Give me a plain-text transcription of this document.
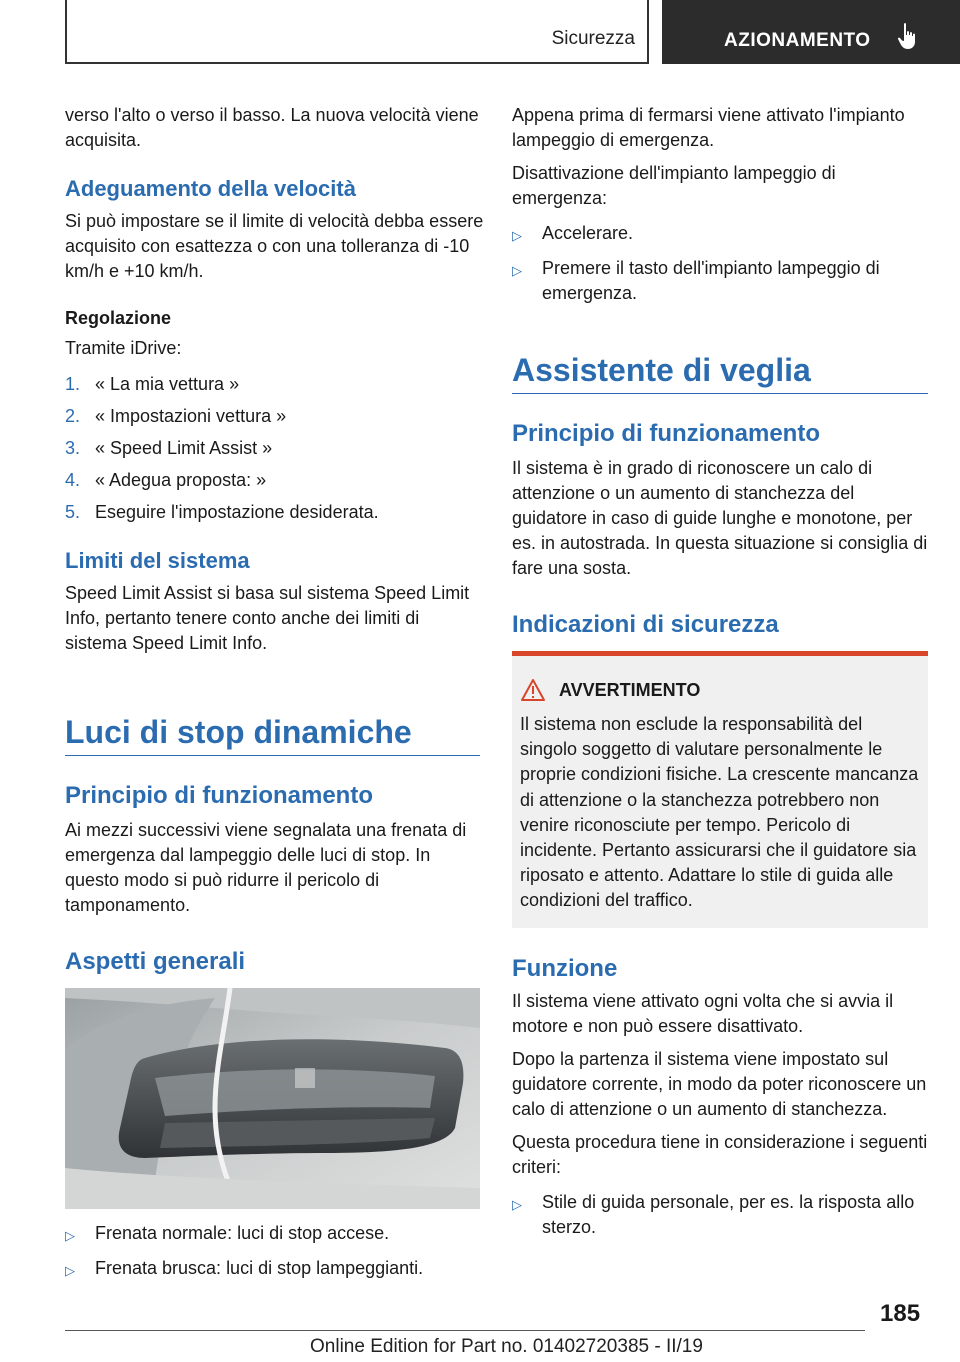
Sicurezza	AZIONAMENTO

verso l'alto o verso il basso. La nuova velocità viene acquisita.

Adeguamento della velocità

Si può impostare se il limite di velocità debba essere acquisito con esattezza o con una tolleranza di -10 km/h e +10 km/h.

Regolazione

Tramite iDrive:

1. « La mia vettura »
2. « Impostazioni vettura »
3. « Speed Limit Assist »
4. « Adegua proposta: »
5. Eseguire l'impostazione desiderata.
Limiti del sistema

Speed Limit Assist si basa sul sistema Speed Limit Info, pertanto tenere conto anche dei limiti di sistema Speed Limit Info.

Luci di stop dinamiche
Principio di funzionamento

Ai mezzi successivi viene segnalata una frenata di emergenza dal lampeggio delle luci di stop. In questo modo si può ridurre il pericolo di tamponamento.

Aspetti generali
▷	Frenata normale: luci di stop accese.
▷	Frenata brusca: luci di stop lampeggianti.

Appena prima di fermarsi viene attivato l'impianto lampeggio di emergenza.

Disattivazione dell'impianto lampeggio di emergenza:

▷	Accelerare.
▷	Premere il tasto dell'impianto lampeggio di emergenza.
Assistente di veglia
Principio di funzionamento

Il sistema è in grado di riconoscere un calo di attenzione o un aumento di stanchezza del guidatore in caso di guide lunghe e monotone, per es. in autostrada. In questa situazione si consiglia di fare una sosta.

Indicazioni di sicurezza
AVVERTIMENTO

Il sistema non esclude la responsabilità del singolo soggetto di valutare personalmente le proprie condizioni fisiche. La crescente mancanza di attenzione o la stanchezza potrebbero non venire riconosciute per tempo. Pericolo di incidente. Pertanto assicurarsi che il guidatore sia riposato e attento. Adattare lo stile di guida alle condizioni del traffico.

Funzione

Il sistema viene attivato ogni volta che si avvia il motore e non può essere disattivato.

Dopo la partenza il sistema viene impostato sul guidatore corrente, in modo da poter riconoscere un calo di attenzione o un aumento di stanchezza.

Questa procedura tiene in considerazione i seguenti criteri:

▷	Stile di guida personale, per es. la risposta allo sterzo.
185
Online Edition for Part no. 01402720385 - II/19
